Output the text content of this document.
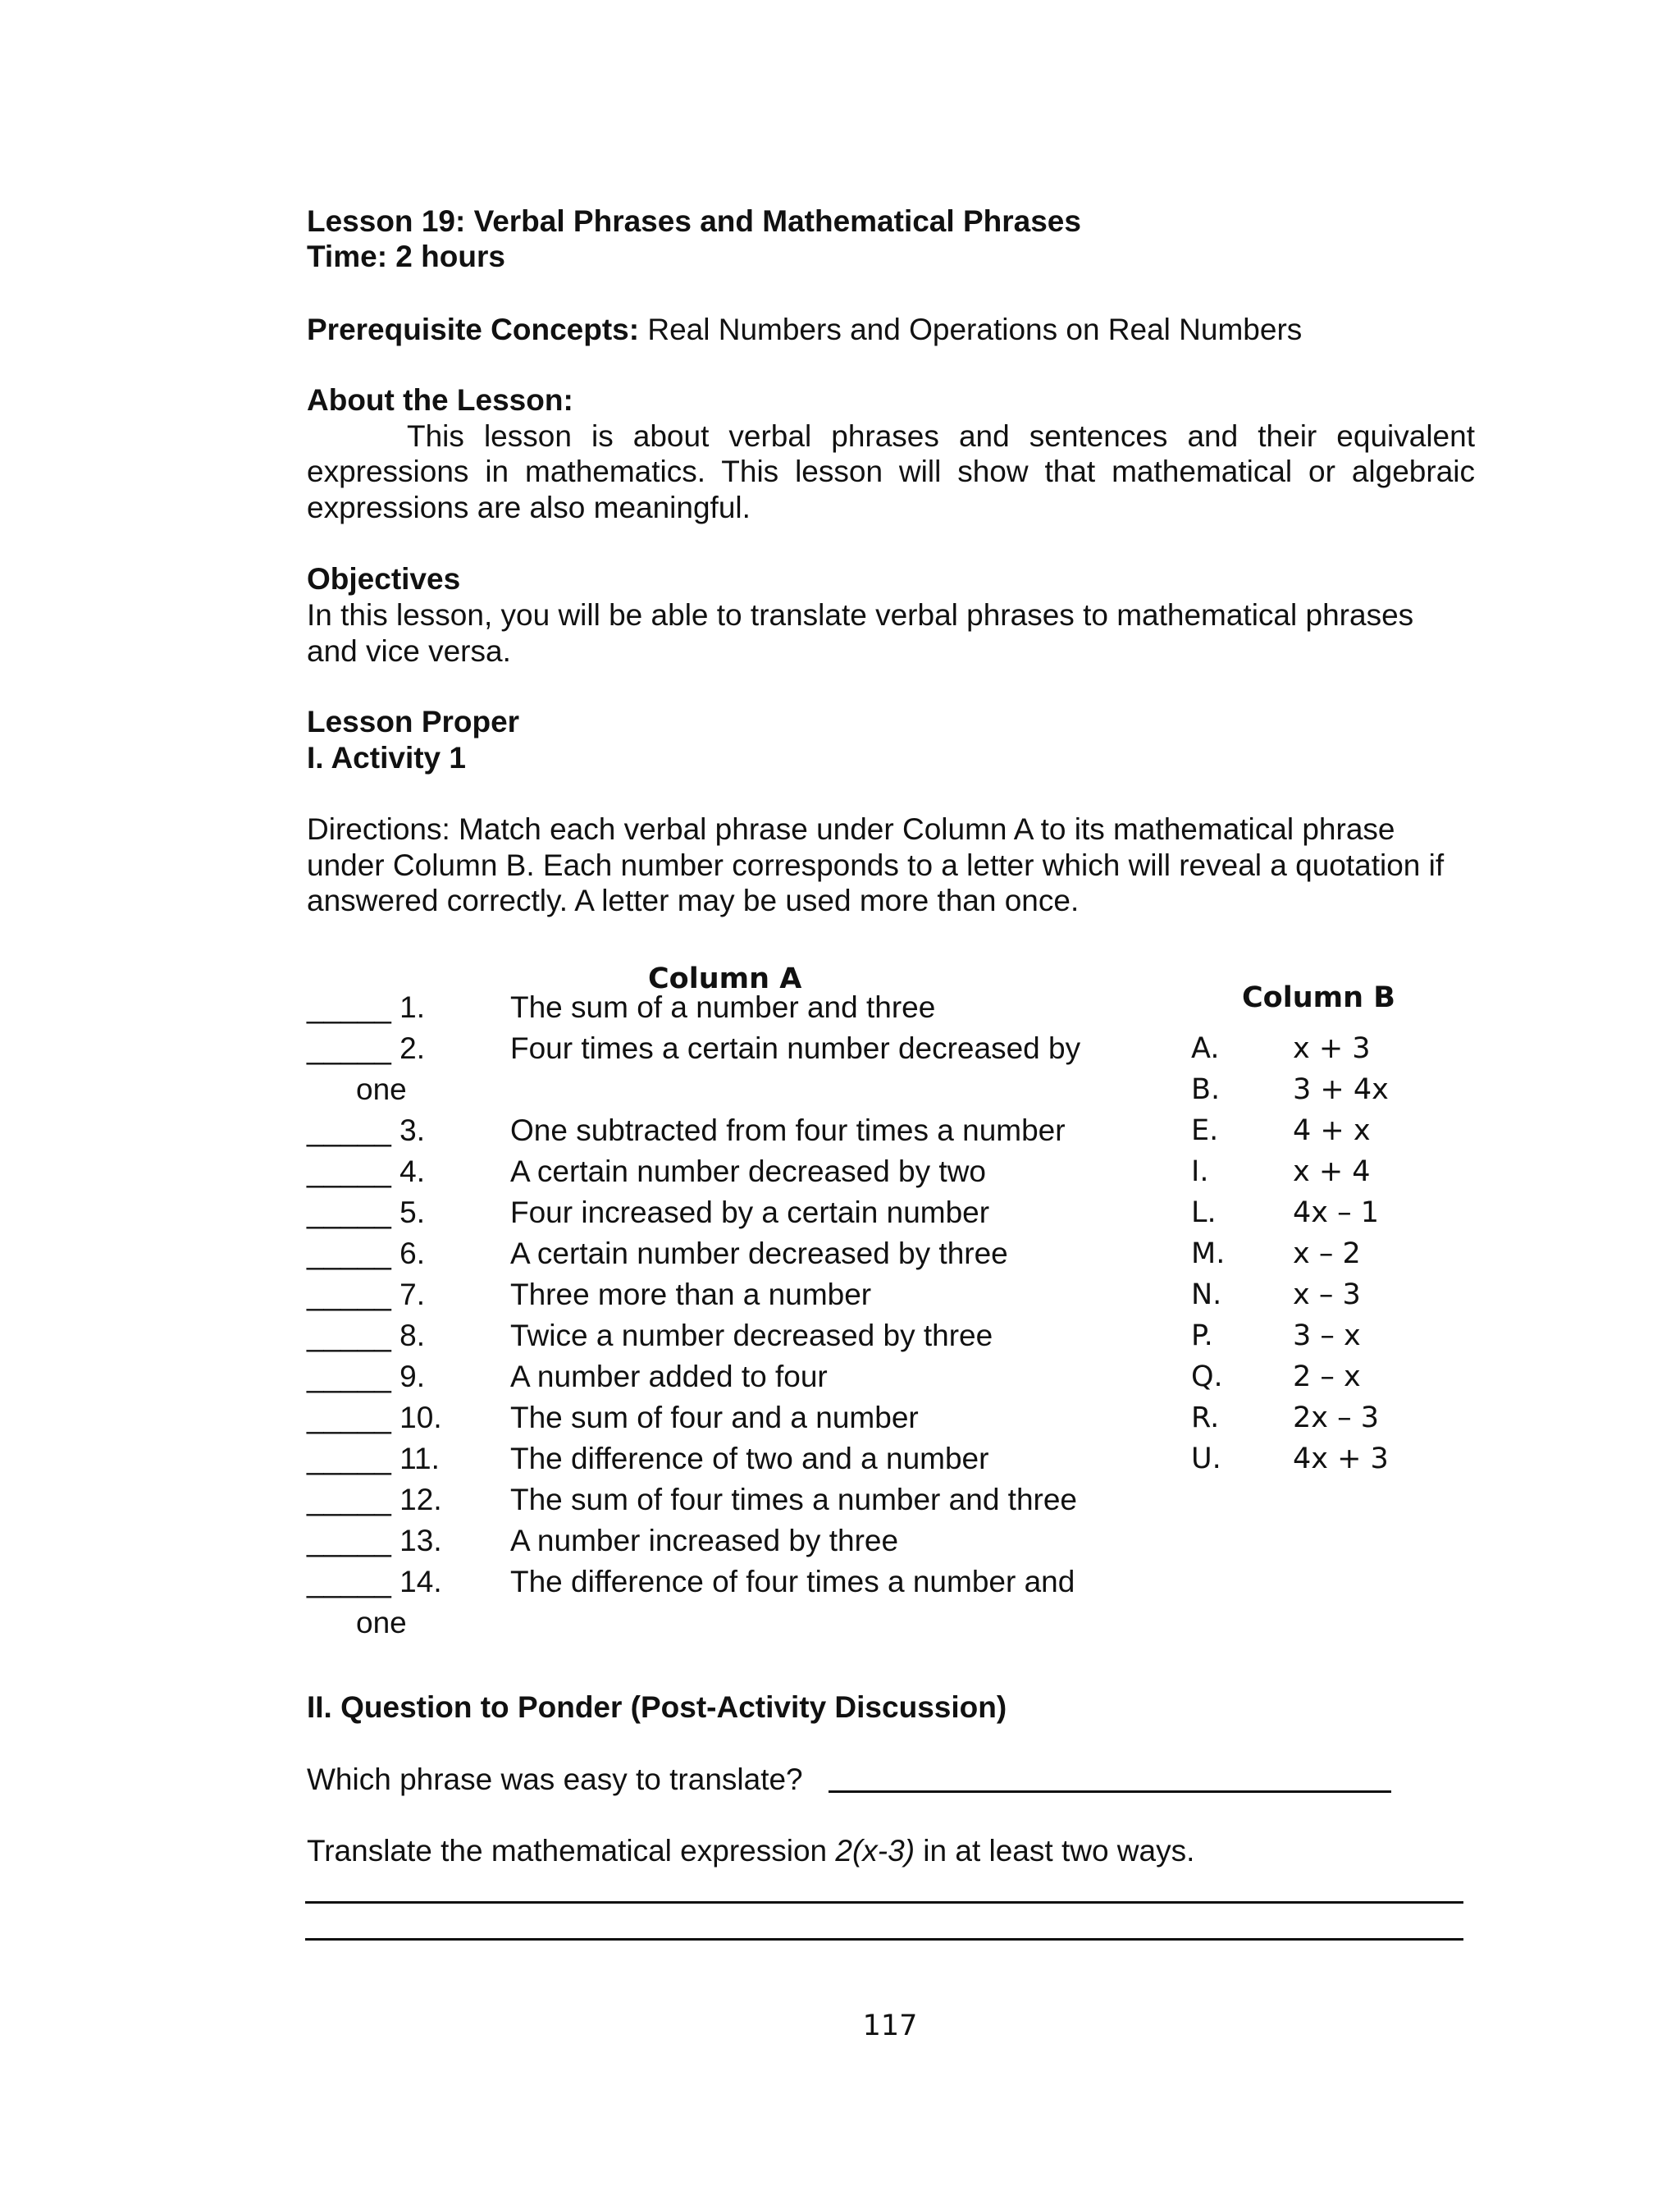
Lesson 19: Verbal Phrases and Mathematical Phrases
Time: 2 hours
Prerequisite Concepts: Real Numbers and Operations on Real Numbers
About the Lesson:
This lesson is about verbal phrases and sentences and their equivalent
expressions in mathematics. This lesson will show that mathematical or algebraic
expressions are also meaningful.
Objectives
In this lesson, you will be able to translate verbal phrases to mathematical phrases
and vice versa.
Lesson Proper
I. Activity 1
Directions: Match each verbal phrase under Column A to its mathematical phrase
under Column B. Each number corresponds to a letter which will reveal a quotation if
answered correctly. A letter may be used more than once.
Column A
_____ 1.	The sum of a number and three
_____ 2.	Four times a certain number decreased by
one
_____ 3.	One subtracted from four times a number
_____ 4.	A certain number decreased by two
_____ 5.	Four increased by a certain number
_____ 6.	A certain number decreased by three
_____ 7.	Three more than a number
_____ 8.	Twice a number decreased by three
_____ 9.	A number added to four
_____ 10. The sum of four and a number
_____ 11. The difference of two and a number
_____ 12. The sum of four times a number and three
_____ 13. A number increased by three
_____ 14. The difference of four times a number and
one
Column B
A.	x + 3
B.	3 + 4x
E.	4 + x
I.	x + 4
L.	4x – 1
M. x – 2
N. x – 3
P.	3 – x
Q. 2 – x
R.	2x – 3
U. 4x + 3
II. Question to Ponder (Post-Activity Discussion)
Which phrase was easy to translate?
Translate the mathematical expression 2(x-3) in at least two ways.
117
